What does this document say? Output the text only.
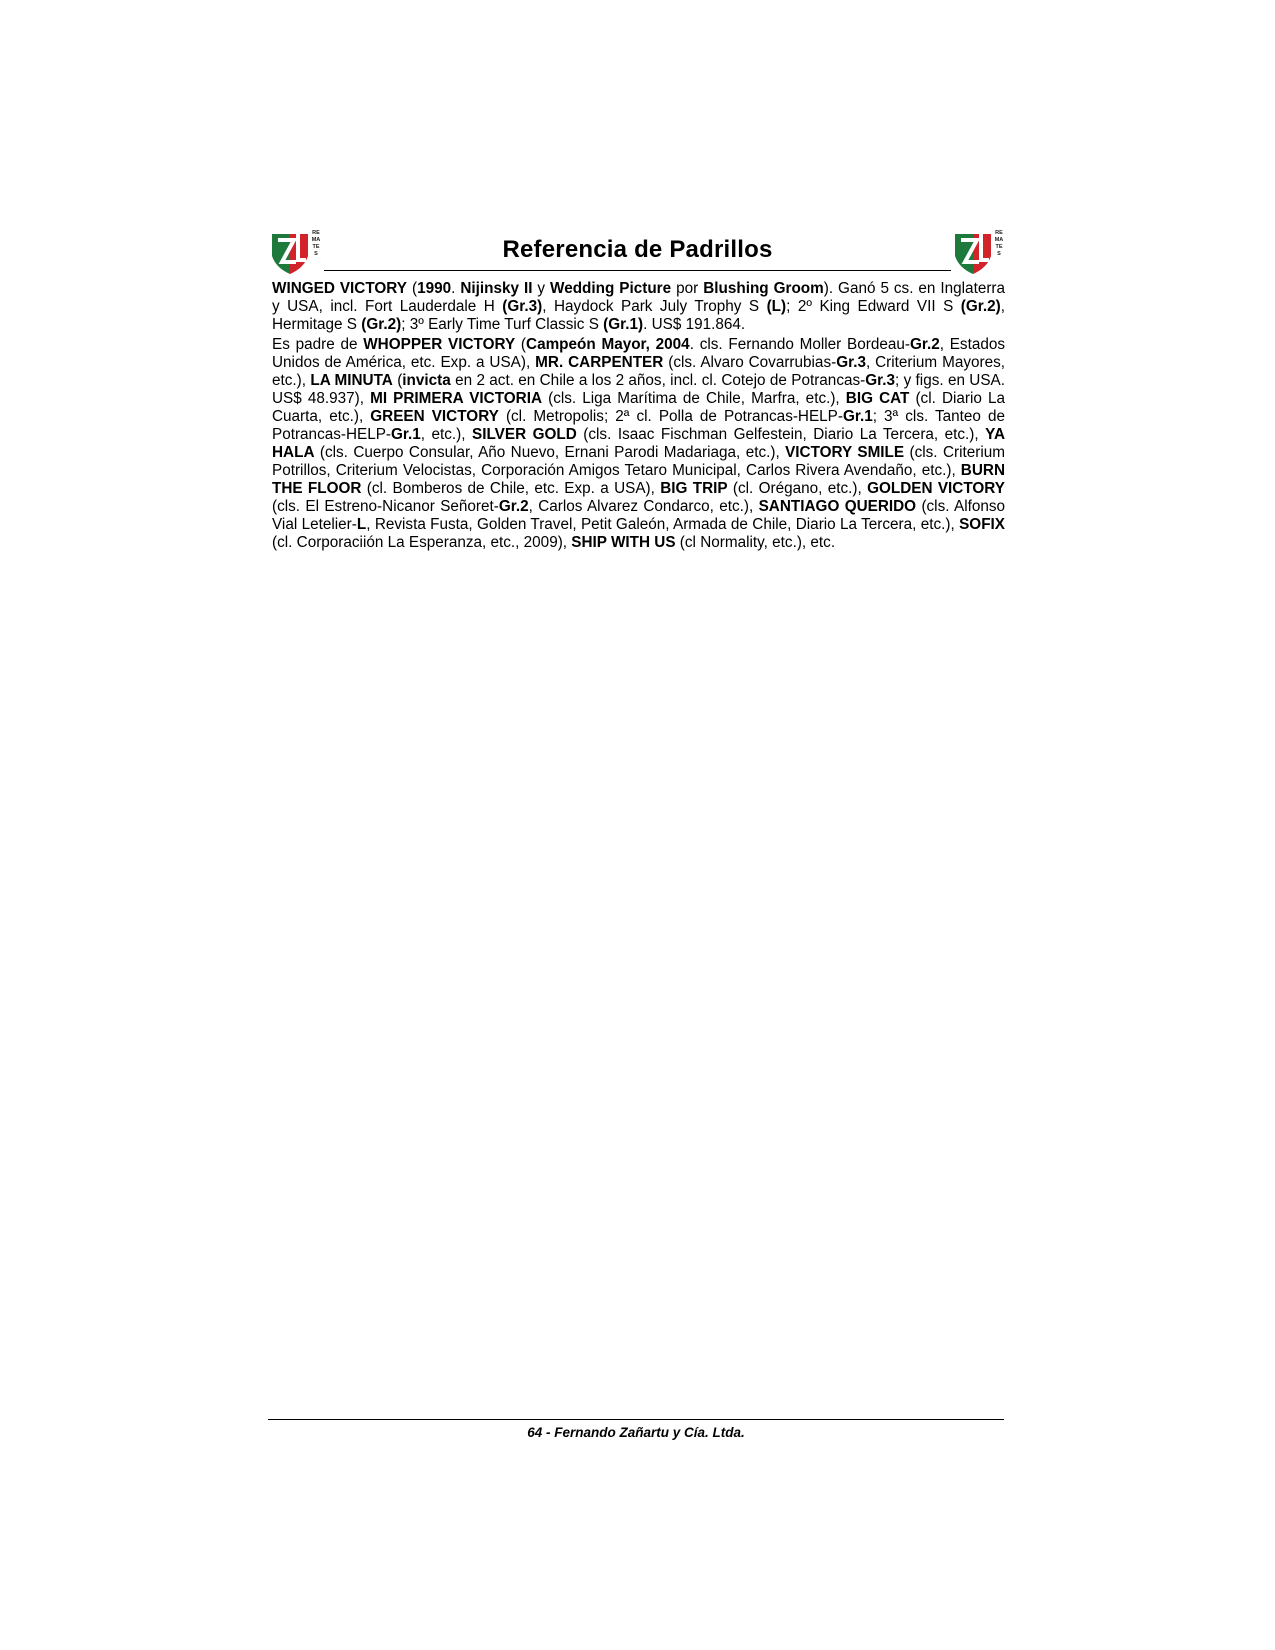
REMATES	Referencia de Padrillos
REMATES

WINGED VICTORY (1990. Nijinsky II y Wedding Picture por Blushing Groom). Ganó 5 cs. en Inglaterra y USA, incl. Fort Lauderdale H (Gr.3), Haydock Park July Trophy S (L); 2º King Edward VII S (Gr.2), Hermitage S (Gr.2); 3º Early Time Turf Classic S (Gr.1). US$ 191.864.

Es padre de WHOPPER VICTORY (Campeón Mayor, 2004. cls. Fernando Moller Bordeau-Gr.2, Estados Unidos de América, etc. Exp. a USA), MR. CARPENTER (cls. Alvaro Covarrubias-Gr.3, Criterium Mayores, etc.), LA MINUTA (invicta en 2 act. en Chile a los 2 años, incl. cl. Cotejo de Potrancas-Gr.3; y figs. en USA. US$ 48.937), MI PRIMERA VICTORIA (cls. Liga Marítima de Chile, Marfra, etc.), BIG CAT (cl. Diario La Cuarta, etc.), GREEN VICTORY (cl. Metropolis; 2ª cl. Polla de Potrancas-HELP-Gr.1; 3ª cls. Tanteo de Potrancas-HELP-Gr.1, etc.), SILVER GOLD (cls. Isaac Fischman Gelfestein, Diario La Tercera, etc.), YA HALA (cls. Cuerpo Consular, Año Nuevo, Ernani Parodi Madariaga, etc.), VICTORY SMILE (cls. Criterium Potrillos, Criterium Velocistas, Corporación Amigos Tetaro Municipal, Carlos Rivera Avendaño, etc.), BURN THE FLOOR (cl. Bomberos de Chile, etc. Exp. a USA), BIG TRIP (cl. Orégano, etc.), GOLDEN VICTORY (cls. El Estreno-Nicanor Señoret-Gr.2, Carlos Alvarez Condarco, etc.), SANTIAGO QUERIDO (cls. Alfonso Vial Letelier-L, Revista Fusta, Golden Travel, Petit Galeón, Armada de Chile, Diario La Tercera, etc.), SOFIX (cl. Corporaciión La Esperanza, etc., 2009), SHIP WITH US (cl Normality, etc.), etc.

64 - Fernando Zañartu y Cía. Ltda.
